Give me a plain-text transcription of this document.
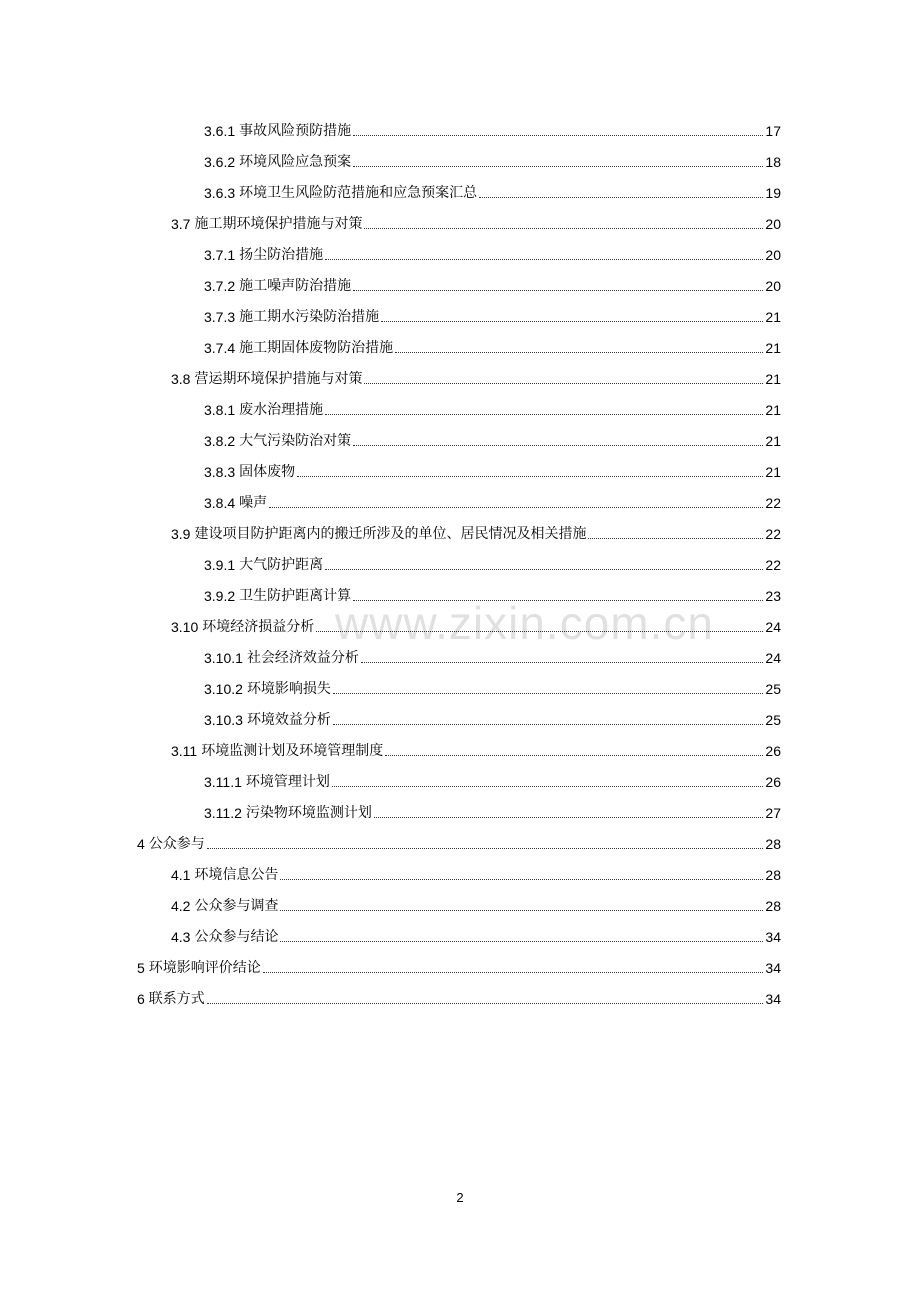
3.6.1 事故风险预防措施	17
3.6.2 环境风险应急预案	18
3.6.3 环境卫生风险防范措施和应急预案汇总	19
3.7 施工期环境保护措施与对策	20
3.7.1 扬尘防治措施	20
3.7.2 施工噪声防治措施	20
3.7.3 施工期水污染防治措施	21
3.7.4 施工期固体废物防治措施	21
3.8 营运期环境保护措施与对策	21
3.8.1 废水治理措施	21
3.8.2 大气污染防治对策	21
3.8.3 固体废物	21
3.8.4 噪声	22
3.9 建设项目防护距离内的搬迁所涉及的单位、居民情况及相关措施	22
3.9.1 大气防护距离	22
3.9.2 卫生防护距离计算	23
3.10 环境经济损益分析	24
3.10.1 社会经济效益分析	24
3.10.2 环境影响损失	25
3.10.3 环境效益分析	25
3.11 环境监测计划及环境管理制度	26
3.11.1 环境管理计划	26
3.11.2 污染物环境监测计划	27
4 公众参与	28
4.1 环境信息公告	28
4.2 公众参与调查	28
4.3 公众参与结论	34
5 环境影响评价结论	34
6 联系方式	34
www.zixin.com.cn
2
